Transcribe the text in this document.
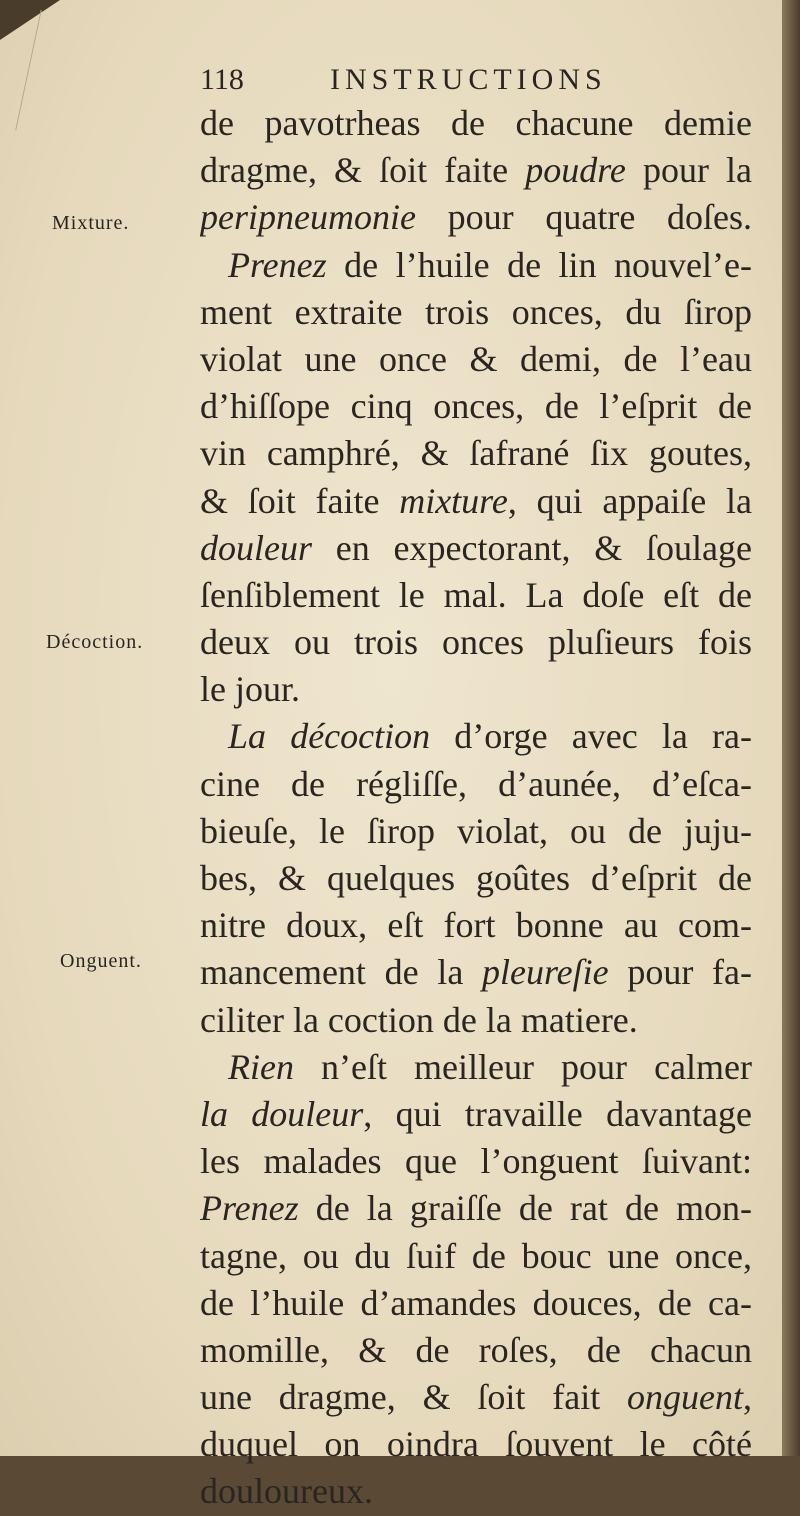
118	INSTRUCTIONS
Mixture.
Décoction.
Onguent.
de pavotrheas de chacune demie
dragme, & ſoit faite poudre pour la
peripneumonie pour quatre doſes.
Prenez de l’huile de lin nouvel’e-
ment extraite trois onces, du ſirop
violat une once & demi, de l’eau
d’hiſſope cinq onces, de l’eſprit de
vin camphré, & ſafrané ſix goutes,
& ſoit faite mixture, qui appaiſe la
douleur en expectorant, & ſoulage
ſenſiblement le mal. La doſe eſt de
deux ou trois onces pluſieurs fois
le jour.
La décoction d’orge avec la ra-
cine de régliſſe, d’aunée, d’eſca-
bieuſe, le ſirop violat, ou de juju-
bes, & quelques goûtes d’eſprit de
nitre doux, eſt fort bonne au com-
mancement de la pleureſie pour fa-
ciliter la coction de la matiere.
Rien n’eſt meilleur pour calmer
la douleur, qui travaille davantage
les malades que l’onguent ſuivant:
Prenez de la graiſſe de rat de mon-
tagne, ou du ſuif de bouc une once,
de l’huile d’amandes douces, de ca-
momille, & de roſes, de chacun
une dragme, & ſoit fait onguent,
duquel on oindra ſouvent le côté
douloureux.
